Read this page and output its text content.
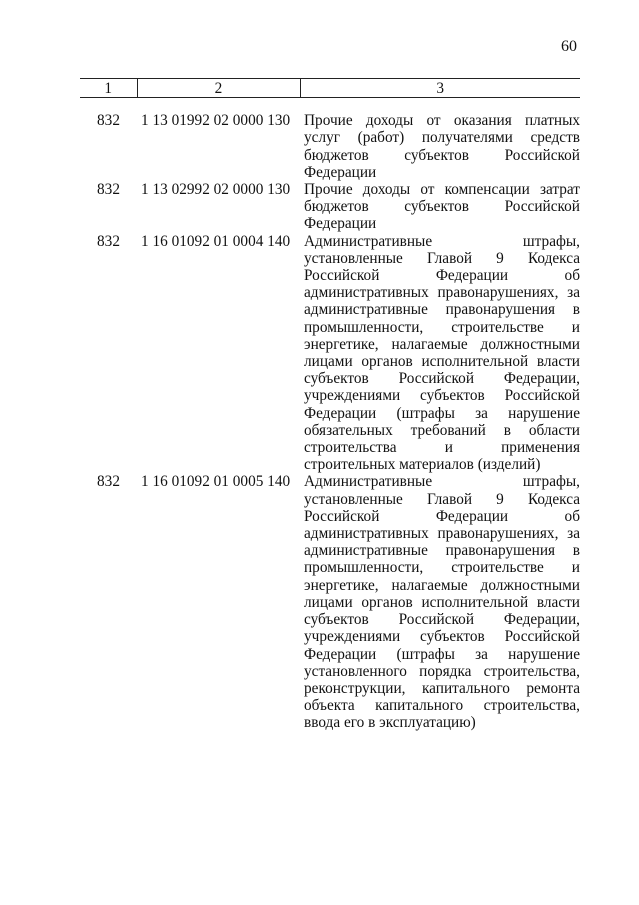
60
1	2	3
832	1 13 01992 02 0000 130	Прочие доходы от оказания платных услуг (работ) получателями средств бюджетов субъектов Российской Федерации
832	1 13 02992 02 0000 130	Прочие доходы от компенсации затрат бюджетов субъектов Российской Федерации
832	1 16 01092 01 0004 140	Административные штрафы, установленные Главой 9 Кодекса Российской Федерации об административных правонарушениях, за административные правонарушения в промышленности, строительстве и энергетике, налагаемые должностными лицами органов исполнительной власти субъектов Российской Федерации, учреждениями субъектов Российской Федерации (штрафы за нарушение обязательных требований в области строительства и применения строительных материалов (изделий)
832	1 16 01092 01 0005 140	Административные штрафы, установленные Главой 9 Кодекса Российской Федерации об административных правонарушениях, за административные правонарушения в промышленности, строительстве и энергетике, налагаемые должностными лицами органов исполнительной власти субъектов Российской Федерации, учреждениями субъектов Российской Федерации (штрафы за нарушение установленного порядка строительства, реконструкции, капитального ремонта объекта капитального строительства, ввода его в эксплуатацию)
